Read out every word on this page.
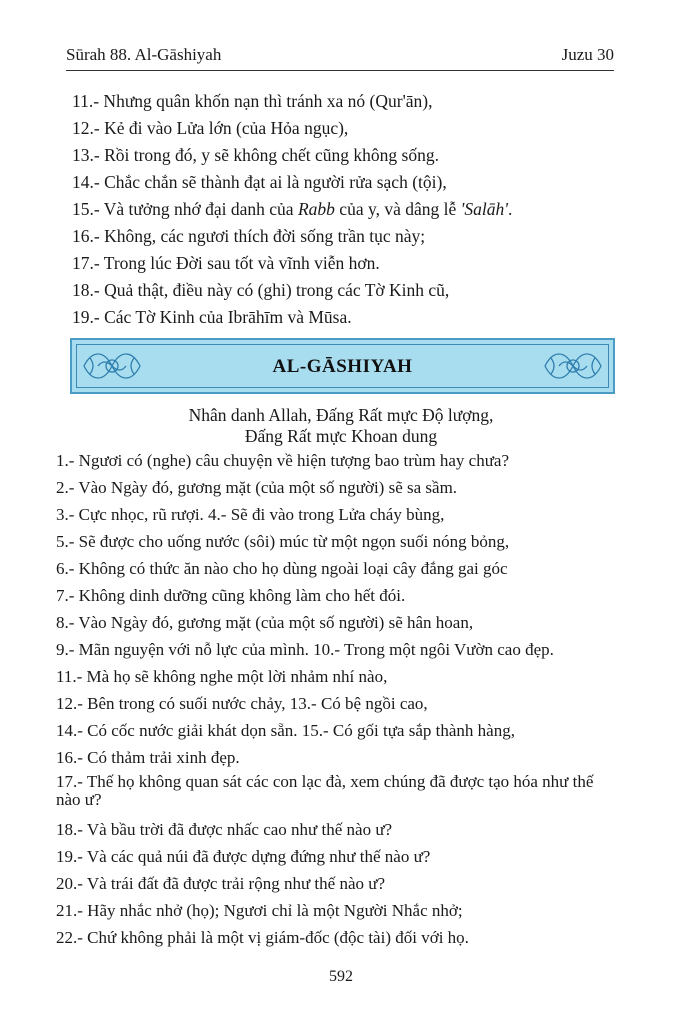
Sūrah 88. Al-Gāshiyah	Juzu 30
11.- Nhưng quân khốn nạn thì tránh xa nó (Qur'ān),
12.- Kẻ đi vào Lửa lớn (của Hỏa ngục),
13.- Rồi trong đó, y sẽ không chết cũng không sống.
14.- Chắc chắn sẽ thành đạt ai là người rửa sạch (tội),
15.- Và tưởng nhớ đại danh của Rabb của y, và dâng lễ 'Salāh'.
16.- Không, các ngươi thích đời sống trần tục này;
17.- Trong lúc Đời sau tốt và vĩnh viễn hơn.
18.- Quả thật, điều này có (ghi) trong các Tờ Kinh cũ,
19.- Các Tờ Kinh của Ibrāhīm và Mūsa.
AL-GĀSHIYAH
Nhân danh Allah, Đấng Rất mực Độ lượng,
Đấng Rất mực Khoan dung
1.- Ngươi có (nghe) câu chuyện về hiện tượng bao trùm hay chưa?
2.- Vào Ngày đó, gương mặt (của một số người) sẽ sa sầm.
3.- Cực nhọc, rũ rượi. 4.- Sẽ đi vào trong Lửa cháy bùng,
5.- Sẽ được cho uống nước (sôi) múc từ một ngọn suối nóng bỏng,
6.- Không có thức ăn nào cho họ dùng ngoài loại cây đắng gai góc
7.- Không dinh dưỡng cũng không làm cho hết đói.
8.- Vào Ngày đó, gương mặt (của một số người) sẽ hân hoan,
9.- Mãn nguyện với nỗ lực của mình. 10.- Trong một ngôi Vườn cao đẹp.
11.- Mà họ sẽ không nghe một lời nhảm nhí nào,
12.- Bên trong có suối nước chảy, 13.- Có bệ ngồi cao,
14.- Có cốc nước giải khát dọn sẵn. 15.- Có gối tựa sắp thành hàng,
16.- Có thảm trải xinh đẹp.
17.- Thế họ không quan sát các con lạc đà, xem chúng đã được tạo hóa như thế nào ư?
18.- Và bầu trời đã được nhấc cao như thế nào ư?
19.- Và các quả núi đã được dựng đứng như thế nào ư?
20.- Và trái đất đã được trải rộng như thế nào ư?
21.- Hãy nhắc nhở (họ); Ngươi chỉ là một Người Nhắc nhở;
22.- Chứ không phải là một vị giám-đốc (độc tài) đối với họ.
592
